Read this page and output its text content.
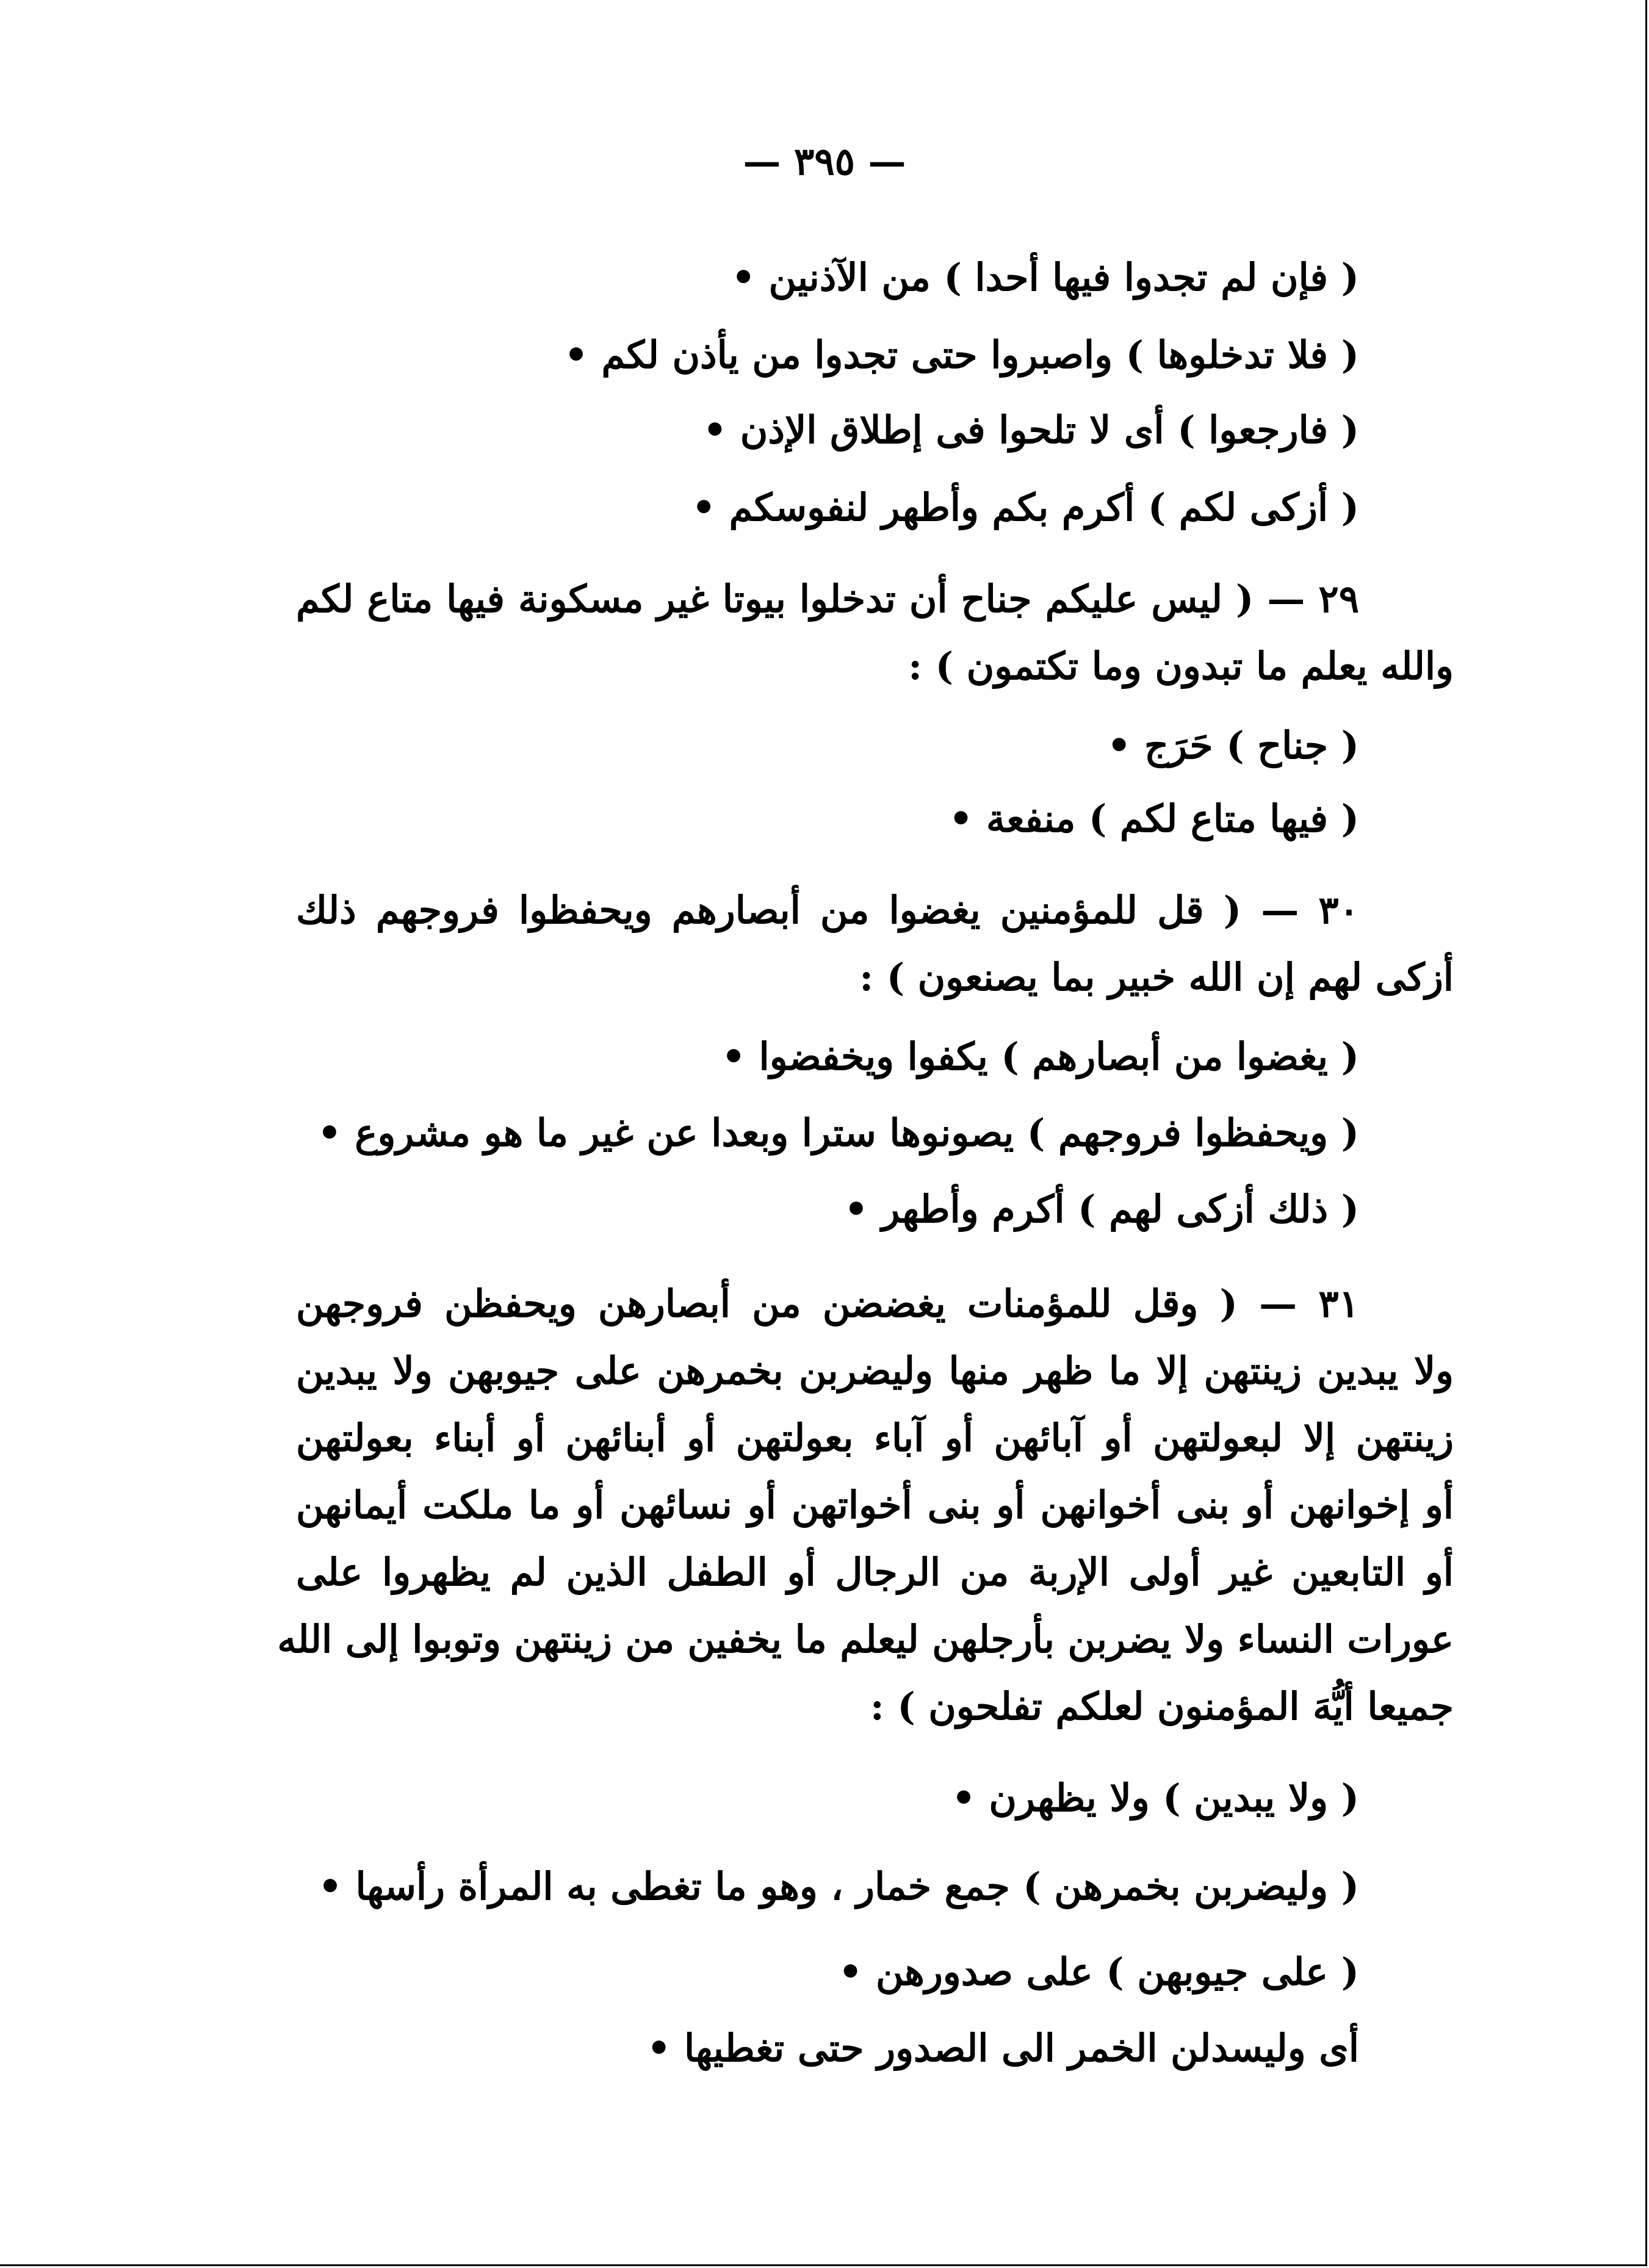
— ٣٩٥ —
( فإن لم تجدوا فيها أحدا ) من الآذنين •
( فلا تدخلوها ) واصبروا حتى تجدوا من يأذن لكم •
( فارجعوا ) أى لا تلحوا فى إطلاق الإذن •
( أزكى لكم ) أكرم بكم وأطهر لنفوسكم •
٢٩ — ( ليس عليكم جناح أن تدخلوا بيوتا غير مسكونة فيها متاع لكم
والله يعلم ما تبدون وما تكتمون ) :
( جناح ) حَرَج •
( فيها متاع لكم ) منفعة •
٣٠ — ( قل للمؤمنين يغضوا من أبصارهم ويحفظوا فروجهم ذلك
أزكى لهم إن الله خبير بما يصنعون ) :
( يغضوا من أبصارهم ) يكفوا ويخفضوا •
( ويحفظوا فروجهم ) يصونوها سترا وبعدا عن غير ما هو مشروع •
( ذلك أزكى لهم ) أكرم وأطهر •
٣١ — ( وقل للمؤمنات يغضضن من أبصارهن ويحفظن فروجهن
ولا يبدين زينتهن إلا ما ظهر منها وليضربن بخمرهن على جيوبهن ولا يبدين
زينتهن إلا لبعولتهن أو آبائهن أو آباء بعولتهن أو أبنائهن أو أبناء بعولتهن
أو إخوانهن أو بنى أخوانهن أو بنى أخواتهن أو نسائهن أو ما ملكت أيمانهن
أو التابعين غير أولى الإربة من الرجال أو الطفل الذين لم يظهروا على
عورات النساء ولا يضربن بأرجلهن ليعلم ما يخفين من زينتهن وتوبوا إلى الله
جميعا أيُّهَ المؤمنون لعلكم تفلحون ) :
( ولا يبدين ) ولا يظهرن •
( وليضربن بخمرهن ) جمع خمار ، وهو ما تغطى به المرأة رأسها •
( على جيوبهن ) على صدورهن •
أى وليسدلن الخمر الى الصدور حتى تغطيها •
